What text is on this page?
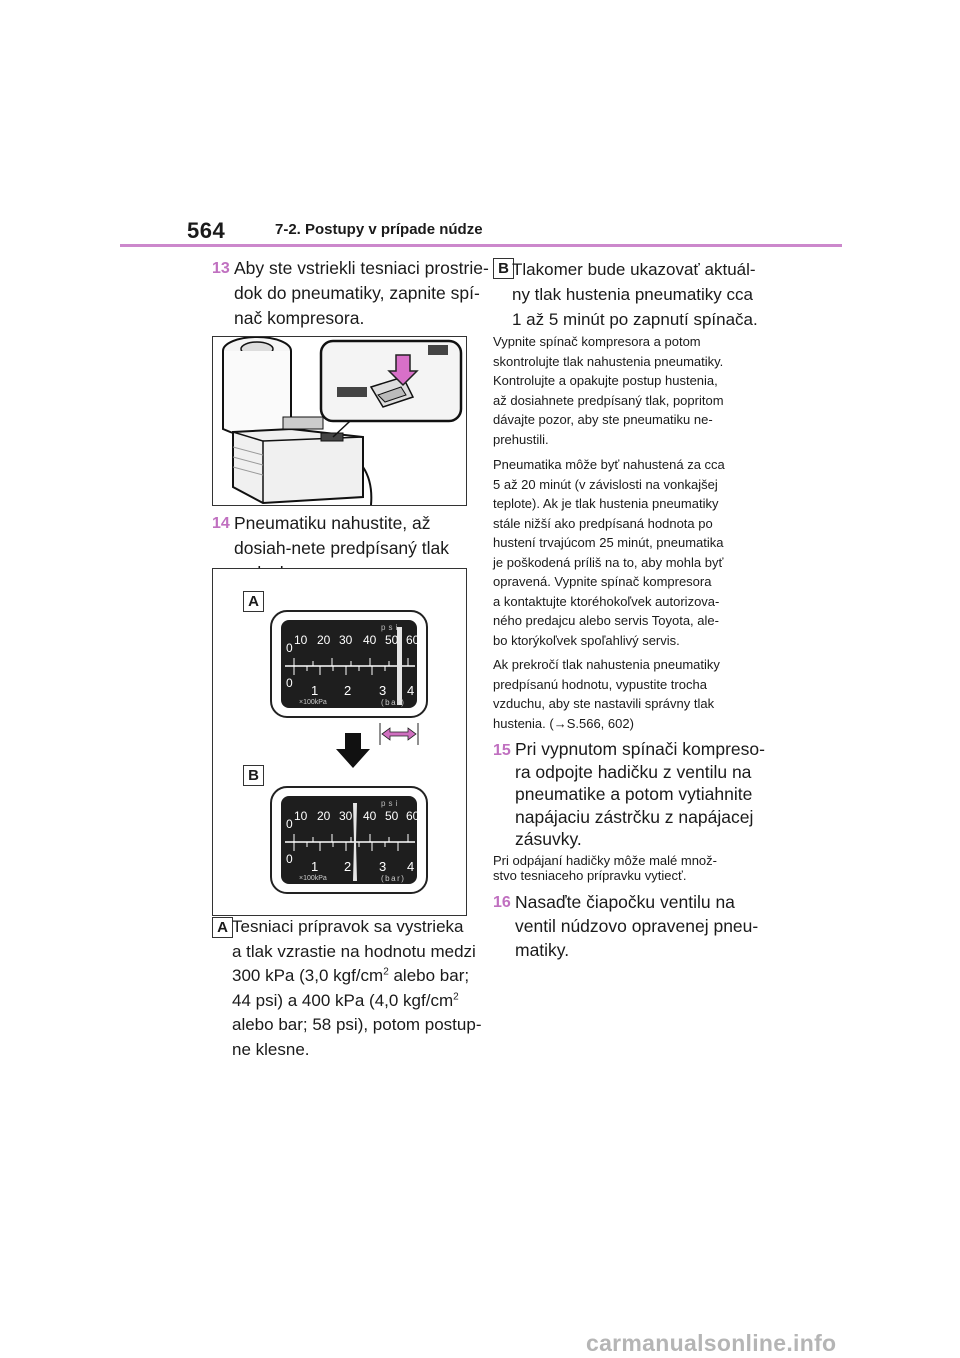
564	7-2. Postupy v prípade núdze
13 Aby ste vstriekli tesniaci prostrie-dok do pneumatiky, zapnite spí-nač kompresora.
14 Pneumatiku nahustite, až dosiah-nete predpísaný tlak
A
B
psi
0
10 20 30 40 50 60
0 1 2 3 4
×100kPa	(bar)
psi
0
10 20 30 40 50 60
0 1 2 3 4
×100kPa	(bar)
A Tesniaci prípravok sa vystrieka
a tlak vzrastie na hodnotu medzi
300 kPa (3,0 kgf/$cm^2$ alebo bar;
44 psi) a 400 kPa (4,0 kgf/$cm^2$
alebo bar; 58 psi), potom postup-
ne klesne.
B Tlakomer bude ukazovať aktuál-
ny tlak hustenia pneumatiky cca
1 až 5 minút po zapnutí spínača.
Vypnite spínač kompresora a potom
skontrolujte tlak nahustenia pneumatiky.
Kontrolujte a opakujte postup hustenia,
až dosiahnete predpísaný tlak, popritom
dávajte pozor, aby ste pneumatiku ne-
prehustili.
Pneumatika môže byť nahustená za cca
5 až 20 minút (v závislosti na vonkajšej
teplote). Ak je tlak hustenia pneumatiky
stále nižší ako predpísaná hodnota po
hustení trvajúcom 25 minút, pneumatika
je poškodená príliš na to, aby mohla byť
opravená. Vypnite spínač kompresora
a kontaktujte ktoréhokoľvek autorizova-
ného predajcu alebo servis Toyota, ale-
bo ktorýkoľvek spoľahlivý servis.
Ak prekročí tlak nahustenia pneumatiky
predpísanú hodnotu, vypustite trocha
vzduchu, aby ste nastavili správny tlak
hustenia. (→S.566, 602)
15 Pri vypnutom spínači kompreso-
ra odpojte hadičku z ventilu na
pneumatike a potom vytiahnite
napájaciu zástrčku z napájacej
zásuvky.
Pri odpájaní hadičky môže malé množ-
stvo tesniaceho prípravku vytiecť.
16 Nasaďte čiapočku ventilu na
ventil núdzovo opravenej pneu-
matiky.
carmanualsonline.info
